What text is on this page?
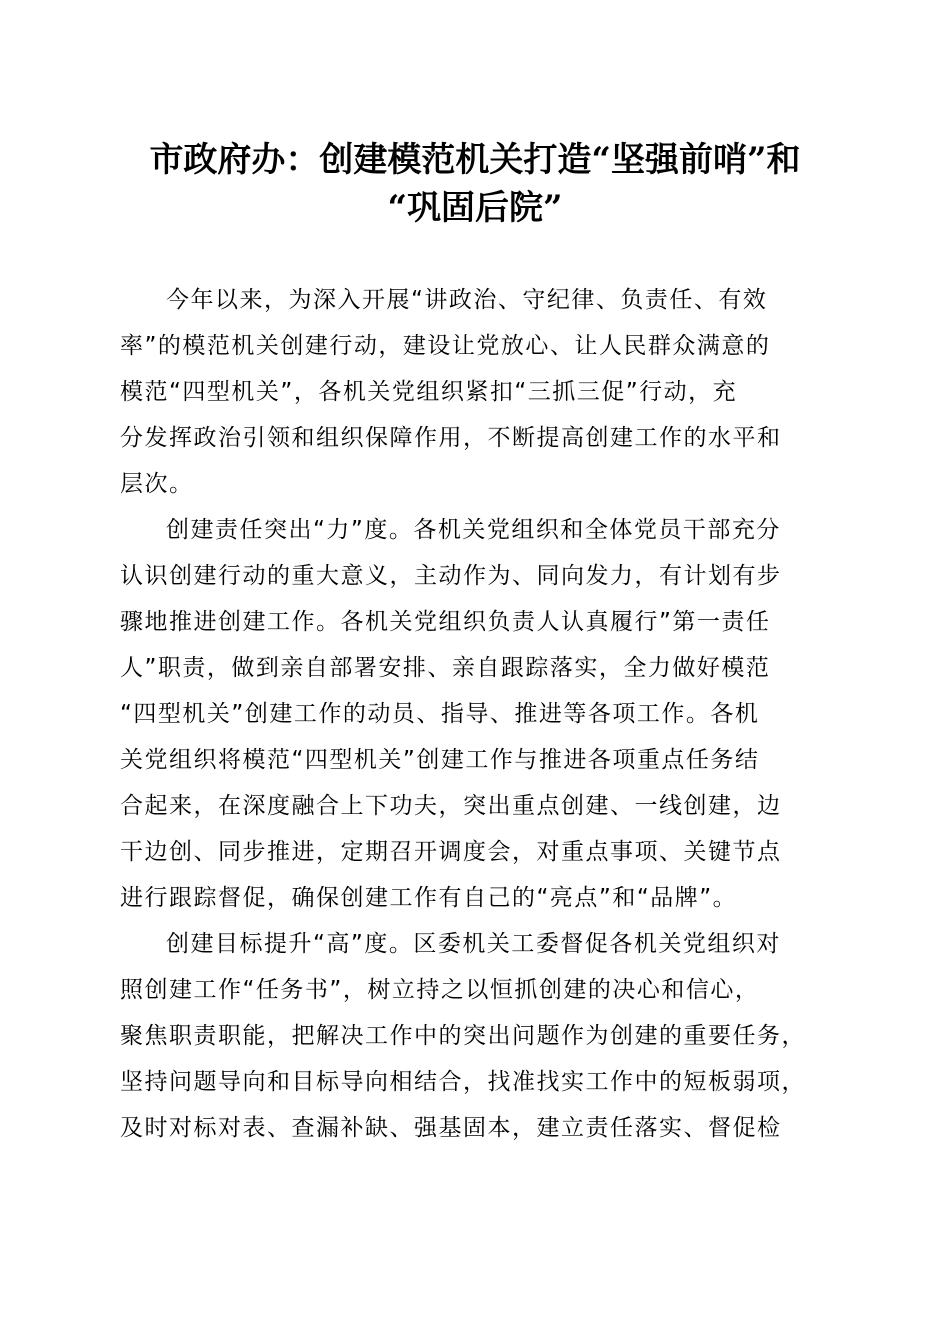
市政府办：创建模范机关打造“坚强前哨”和
“巩固后院”
今年以来，为深入开展“讲政治、守纪律、负责任、有效
率”的模范机关创建行动，建设让党放心、让人民群众满意的
模范“四型机关”，各机关党组织紧扣“三抓三促”行动，充
分发挥政治引领和组织保障作用，不断提高创建工作的水平和
层次。
创建责任突出“力”度。各机关党组织和全体党员干部充分
认识创建行动的重大意义，主动作为、同向发力，有计划有步
骤地推进创建工作。各机关党组织负责人认真履行”第一责任
人”职责，做到亲自部署安排、亲自跟踪落实，全力做好模范
“四型机关”创建工作的动员、指导、推进等各项工作。各机
关党组织将模范“四型机关”创建工作与推进各项重点任务结
合起来，在深度融合上下功夫，突出重点创建、一线创建，边
干边创、同步推进，定期召开调度会，对重点事项、关键节点
进行跟踪督促，确保创建工作有自己的“亮点”和“品牌”。
创建目标提升“高”度。区委机关工委督促各机关党组织对
照创建工作“任务书”，树立持之以恒抓创建的决心和信心，
聚焦职责职能，把解决工作中的突出问题作为创建的重要任务，
坚持问题导向和目标导向相结合，找准找实工作中的短板弱项，
及时对标对表、查漏补缺、强基固本，建立责任落实、督促检
